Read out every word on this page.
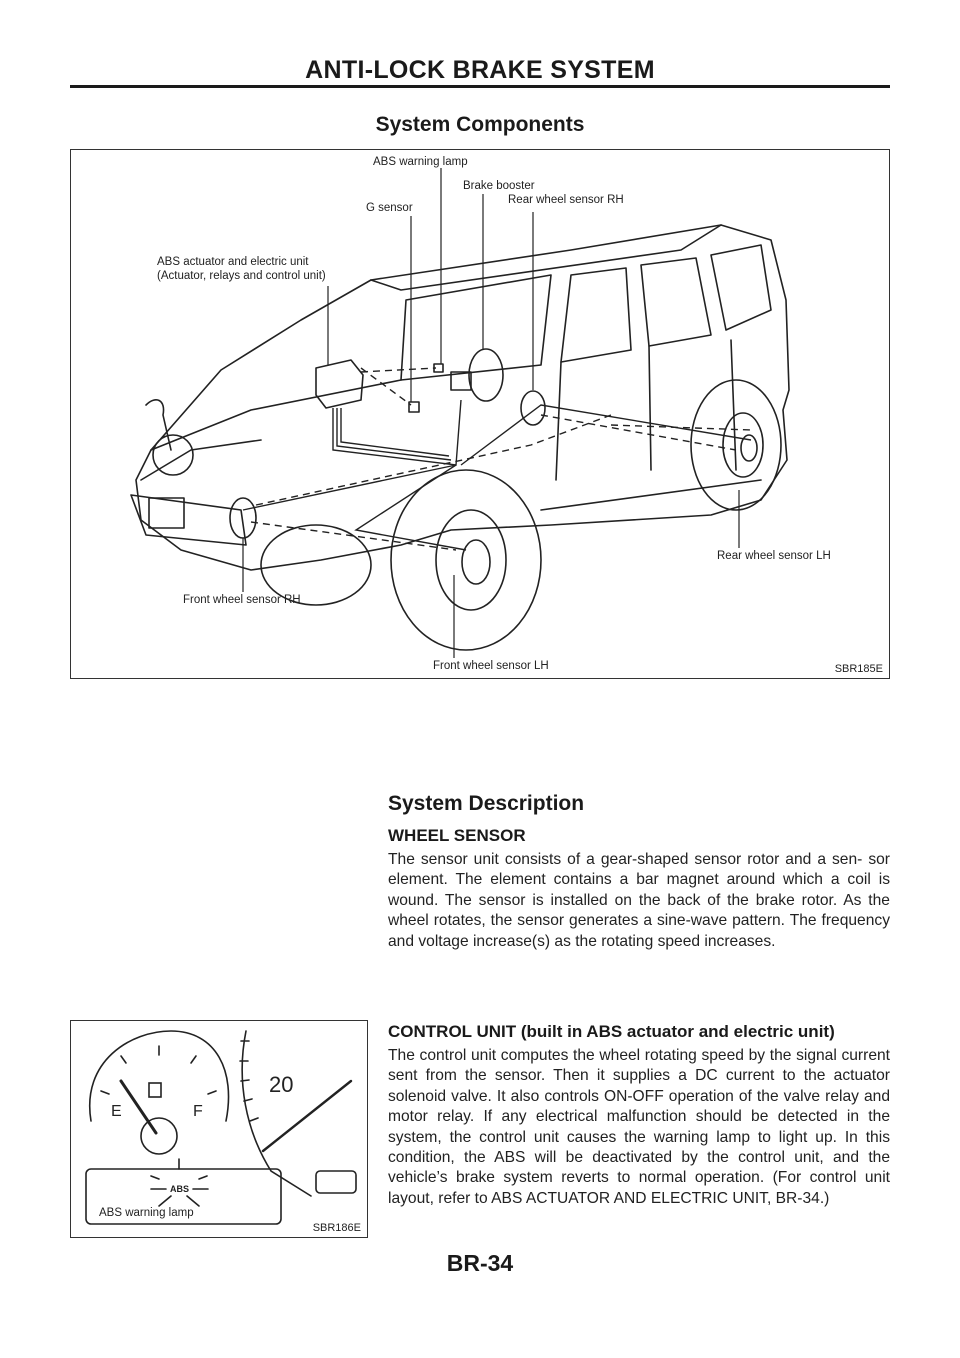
ANTI-LOCK BRAKE SYSTEM
System Components
ABS warning lamp
Brake booster
Rear wheel sensor RH
G sensor
ABS actuator and electric unit
(Actuator, relays and control unit)
Rear wheel sensor LH
Front wheel sensor RH
Front wheel sensor LH	SBR185E
System Description
WHEEL SENSOR
The sensor unit consists of a gear-shaped sensor rotor and a sen- sor element. The element contains a bar magnet around which a coil is wound. The sensor is installed on the back of the brake rotor. As the wheel rotates, the sensor generates a sine-wave pattern. The frequency and voltage increase(s) as the rotating speed increases.
CONTROL UNIT (built in ABS actuator and electric unit)
The control unit computes the wheel rotating speed by the signal current sent from the sensor. Then it supplies a DC current to the actuator solenoid valve. It also controls ON-OFF operation of the valve relay and motor relay. If any electrical malfunction should be detected in the system, the control unit causes the warning lamp to light up. In this condition, the ABS will be deactivated by the control unit, and the vehicle’s brake system reverts to normal operation. (For control unit layout, refer to ABS ACTUATOR AND ELECTRIC UNIT, BR-34.)
E	F
20
ABS
ABS warning lamp
SBR186E
BR-34
